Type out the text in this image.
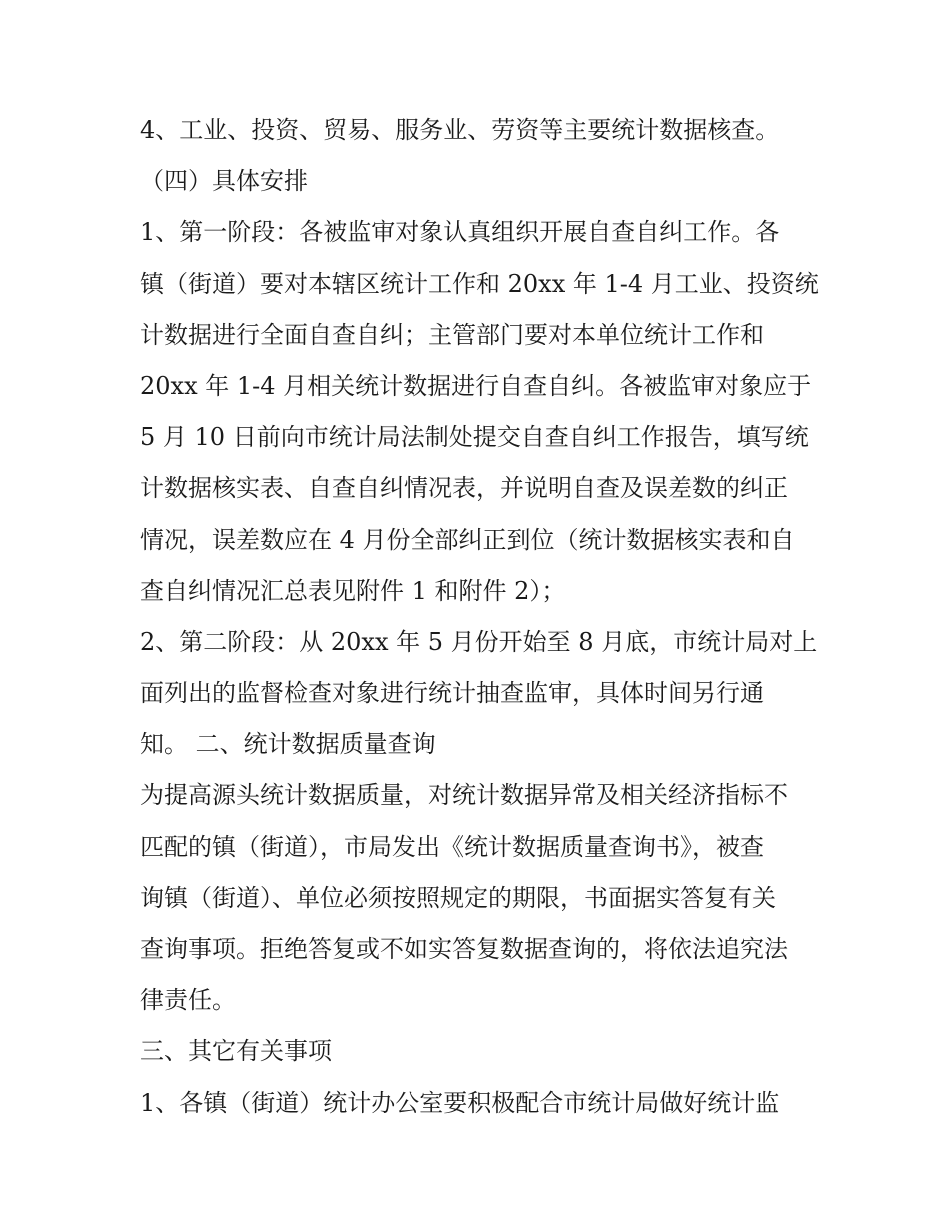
4、工业、投资、贸易、服务业、劳资等主要统计数据核查。
（四）具体安排
1、第一阶段：各被监审对象认真组织开展自查自纠工作。各
镇（街道）要对本辖区统计工作和 20xx 年 1-4 月工业、投资统
计数据进行全面自查自纠；主管部门要对本单位统计工作和
20xx 年 1-4 月相关统计数据进行自查自纠。各被监审对象应于
5 月 10 日前向市统计局法制处提交自查自纠工作报告，填写统
计数据核实表、自查自纠情况表，并说明自查及误差数的纠正
情况，误差数应在 4 月份全部纠正到位（统计数据核实表和自
查自纠情况汇总表见附件 1 和附件 2）；
2、第二阶段：从 20xx 年 5 月份开始至 8 月底，市统计局对上
面列出的监督检查对象进行统计抽查监审，具体时间另行通
知。 二、统计数据质量查询
为提高源头统计数据质量，对统计数据异常及相关经济指标不
匹配的镇（街道），市局发出《统计数据质量查询书》，被查
询镇（街道）、单位必须按照规定的期限，书面据实答复有关
查询事项。拒绝答复或不如实答复数据查询的，将依法追究法
律责任。
三、其它有关事项
1、各镇（街道）统计办公室要积极配合市统计局做好统计监
